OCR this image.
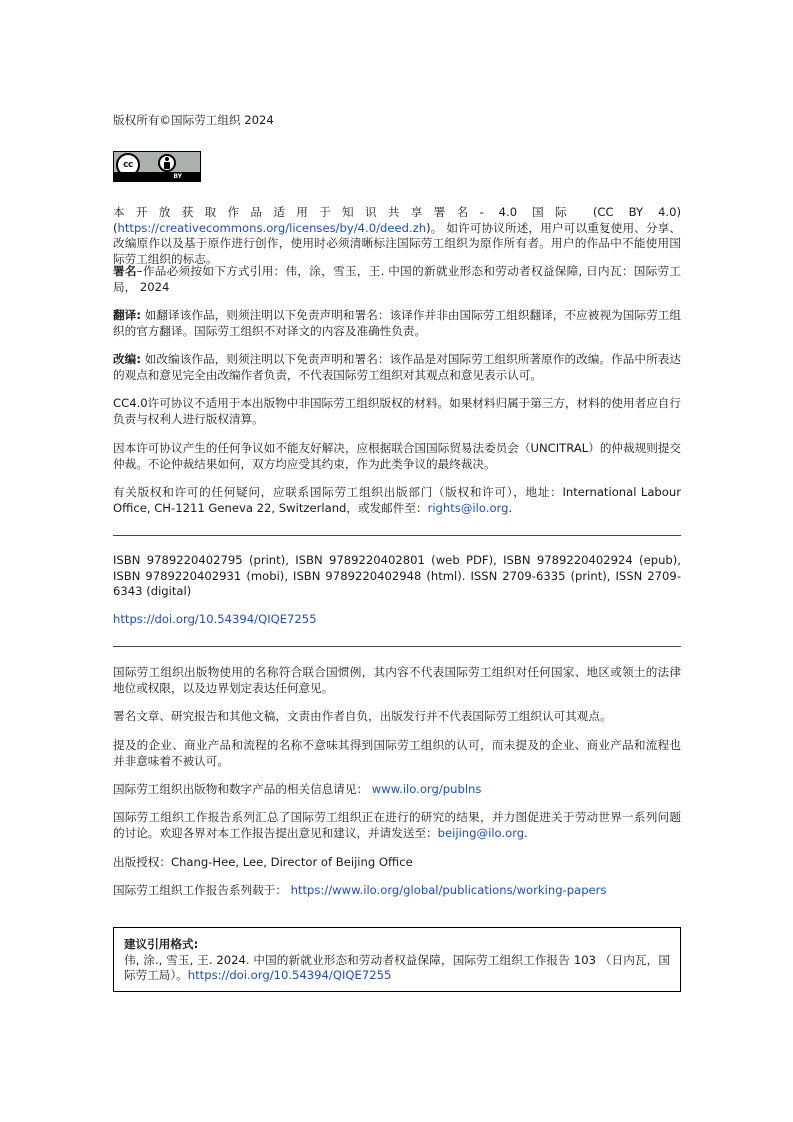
版权所有©国际劳工组织 2024

cc
BY

本开放获取作品适用于知识共享署名- 4.0 国际 (CC BY 4.0) (https://creativecommons.org/licenses/by/4.0/deed.zh)。 如许可协议所述，用户可以重复使用、分享、改编原作以及基于原作进行创作，使用时必须清晰标注国际劳工组织为原作所有者。用户的作品中不能使用国际劳工组织的标志。

署名–作品必须按如下方式引用：伟，涂，雪玉，王. 中国的新就业形态和劳动者权益保障, 日内瓦：国际劳工局， 2024

翻译: 如翻译该作品，则须注明以下免责声明和署名：该译作并非由国际劳工组织翻译，不应被视为国际劳工组织的官方翻译。国际劳工组织不对译文的内容及准确性负责。

改编: 如改编该作品，则须注明以下免责声明和署名：该作品是对国际劳工组织所著原作的改编。作品中所表达的观点和意见完全由改编作者负责，不代表国际劳工组织对其观点和意见表示认可。

CC4.0许可协议不适用于本出版物中非国际劳工组织版权的材料。如果材料归属于第三方，材料的使用者应自行负责与权利人进行版权清算。

因本许可协议产生的任何争议如不能友好解决，应根据联合国国际贸易法委员会（UNCITRAL）的仲裁规则提交仲裁。不论仲裁结果如何，双方均应受其约束，作为此类争议的最终裁决。

有关版权和许可的任何疑问，应联系国际劳工组织出版部门（版权和许可），地址：International Labour Office, CH-1211 Geneva 22, Switzerland，或发邮件至：rights@ilo.org.

ISBN 9789220402795 (print), ISBN 9789220402801 (web PDF), ISBN 9789220402924 (epub), ISBN 9789220402931 (mobi), ISBN 9789220402948 (html). ISSN 2709-6335 (print), ISSN 2709-6343 (digital)

https://doi.org/10.54394/QIQE7255

国际劳工组织出版物使用的名称符合联合国惯例，其内容不代表国际劳工组织对任何国家、地区或领土的法律地位或权限，以及边界划定表达任何意见。

署名文章、研究报告和其他文稿，文责由作者自负，出版发行并不代表国际劳工组织认可其观点。

提及的企业、商业产品和流程的名称不意味其得到国际劳工组织的认可，而未提及的企业、商业产品和流程也并非意味着不被认可。

国际劳工组织出版物和数字产品的相关信息请见： www.ilo.org/publns

国际劳工组织工作报告系列汇总了国际劳工组织正在进行的研究的结果，并力图促进关于劳动世界一系列问题的讨论。欢迎各界对本工作报告提出意见和建议，并请发送至：beijing@ilo.org.

出版授权：Chang-Hee, Lee, Director of Beijing Office

国际劳工组织工作报告系列载于： https://www.ilo.org/global/publications/working-papers

建议引用格式:

伟, 涂., 雪玉, 王. 2024. 中国的新就业形态和劳动者权益保障，国际劳工组织工作报告 103 （日内瓦，国际劳工局）。https://doi.org/10.54394/QIQE7255
